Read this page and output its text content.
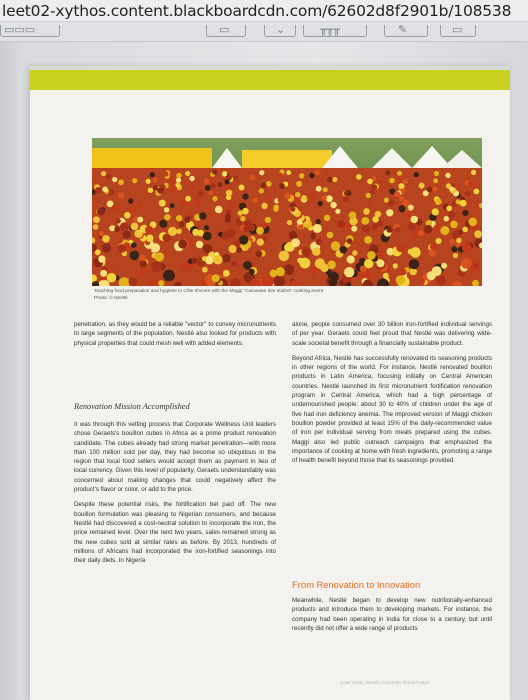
leet02-xythos.content.blackboardcdn.com/62602d8f2901b/108538
▭▭▭	▭	⌄	╥╥╥	✎	▭
Teaching food preparation and hygiene in Côte d'Ivoire with the Maggi "Caravane des étoiles" cooking event
Photo: © Nestlé

penetration, as they would be a reliable "vector" to convey micronutrients to large segments of the population. Nestlé also looked for products with physical properties that could mesh well with added elements.

Renovation Mission Accomplished

It was through this vetting process that Corporate Wellness Unit leaders chose Geraets's bouillon cubes in Africa as a prime product renovation candidate. The cubes already had strong market penetration—with more than 100 million sold per day, they had become so ubiquitous in the region that local food sellers would accept them as payment in lieu of local currency. Given this level of popularity, Geraets understandably was concerned about making changes that could negatively affect the product's flavor or color, or add to the price.

Despite these potential risks, the fortification bet paid off. The new bouillon formulation was pleasing to Nigerian consumers, and because Nestlé had discovered a cost-neutral solution to incorporate the iron, the price remained level. Over the next two years, sales remained strong as the new cubes sold at similar rates as before. By 2013, hundreds of millions of Africans had incorporated the iron-fortified seasonings into their daily diets. In Nigeria

alone, people consumed over 30 billion iron-fortified individual servings of per year. Geraets could feel proud that Nestlé was delivering wide-scale societal benefit through a financially sustainable product.

Beyond Africa, Nestlé has successfully renovated its seasoning products in other regions of the world. For instance, Nestlé renovated bouillon products in Latin America, focusing initially on Central American countries. Nestlé launched its first micronutrient fortification renovation program in Central America, which had a high percentage of undernourished people: about 30 to 40% of children under the age of five had iron deficiency anemia. The improved version of Maggi chicken bouillon powder provided at least 15% of the daily-recommended value of iron per individual serving from meals prepared using the cubes. Maggi also led public outreach campaigns that emphasized the importance of cooking at home with fresh ingredients, promoting a range of health benefit beyond those that its seasonings provided.

From Renovation to Innovation

Meanwhile, Nestlé began to develop new nutritionally-enhanced products and introduce them to developing markets. For instance, the company had been operating in India for close to a century, but until recently did not offer a wide range of products

Case Study | Nestlé Corporate Shared Value
